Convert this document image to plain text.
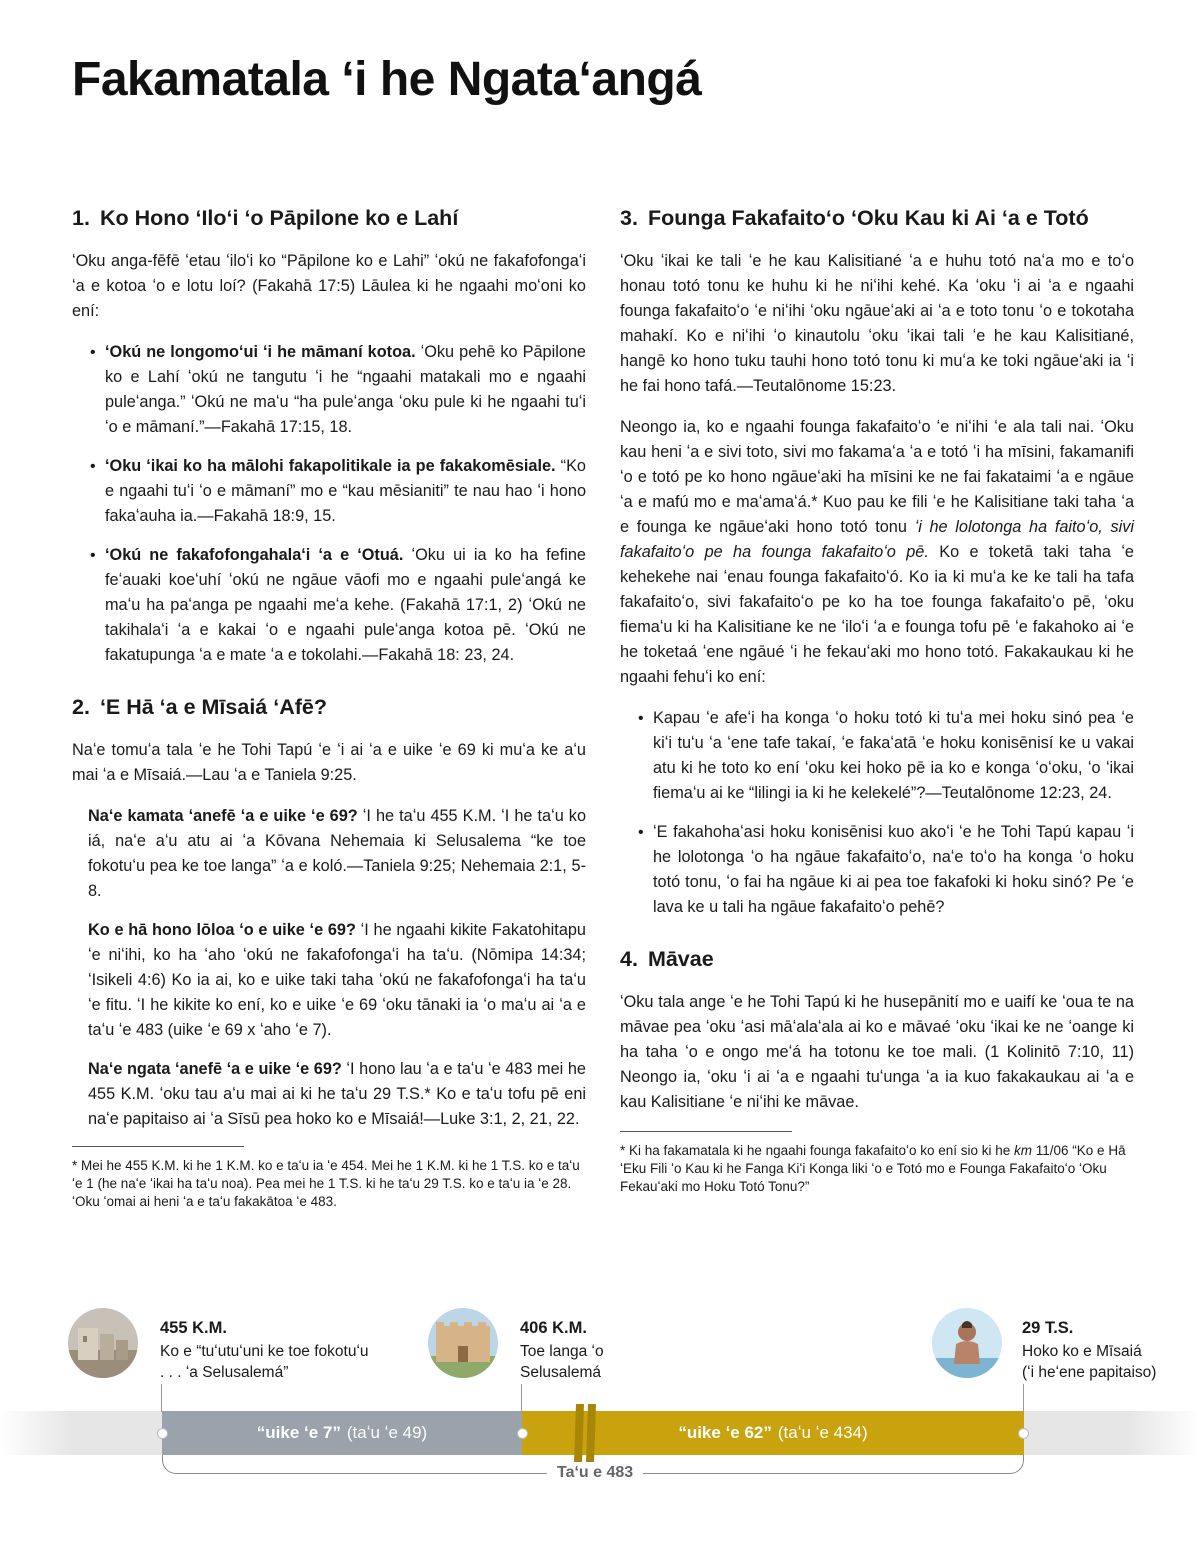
Fakamatala ʻi he Ngataʻangá
1. Ko Hono ʻIloʻi ʻo Pāpilone ko e Lahí

ʻOku anga-fēfē ʻetau ʻiloʻi ko “Pāpilone ko e Lahi” ʻokú ne fakafofongaʻi ʻa e kotoa ʻo e lotu loí? (Fakahā 17:5) Lāulea ki he ngaahi moʻoni ko ení:

• ʻOkú ne longomoʻui ʻi he māmaní kotoa. ʻOku pehē ko Pāpilone ko e Lahí ʻokú ne tangutu ʻi he “ngaahi matakali mo e ngaahi puleʻanga.” ʻOkú ne maʻu “ha puleʻanga ʻoku pule ki he ngaahi tuʻi ʻo e māmaní.”—Fakahā 17:15, 18.
• ʻOku ʻikai ko ha mālohi fakapolitikale ia pe fakakomēsiale. “Ko e ngaahi tuʻi ʻo e māmaní” mo e “kau mēsianiti” te nau hao ʻi hono fakaʻauha ia.—Fakahā 18:9, 15.
• ʻOkú ne fakafofongahalaʻi ʻa e ʻOtuá. ʻOku ui ia ko ha fefine feʻauaki koeʻuhí ʻokú ne ngāue vāofi mo e ngaahi puleʻangá ke maʻu ha paʻanga pe ngaahi meʻa kehe. (Fakahā 17:1, 2) ʻOkú ne takihalaʻi ʻa e kakai ʻo e ngaahi puleʻanga kotoa pē. ʻOkú ne fakatupunga ʻa e mate ʻa e tokolahi.—Fakahā 18: 23, 24.
2. ʻE Hā ʻa e Mīsaiá ʻAfē?

Naʻe tomuʻa tala ʻe he Tohi Tapú ʻe ʻi ai ʻa e uike ʻe 69 ki muʻa ke aʻu mai ʻa e Mīsaiá.—Lau ʻa e Taniela 9:25.

Naʻe kamata ʻanefē ʻa e uike ʻe 69? ʻI he taʻu 455 K.M. ʻI he taʻu ko iá, naʻe aʻu atu ai ʻa Kōvana Nehemaia ki Selusalema “ke toe fokotuʻu pea ke toe langa” ʻa e koló.—Taniela 9:25; Nehemaia 2:1, 5-8.
Ko e hā hono lōloa ʻo e uike ʻe 69? ʻI he ngaahi kikite Fakatohitapu ʻe niʻihi, ko ha ʻaho ʻokú ne fakafofongaʻi ha taʻu. (Nōmipa 14:34; ʻIsikeli 4:6) Ko ia ai, ko e uike taki taha ʻokú ne fakafofongaʻi ha taʻu ʻe fitu. ʻI he kikite ko ení, ko e uike ʻe 69 ʻoku tānaki ia ʻo maʻu ai ʻa e taʻu ʻe 483 (uike ʻe 69 x ʻaho ʻe 7).
Naʻe ngata ʻanefē ʻa e uike ʻe 69? ʻI hono lau ʻa e taʻu ʻe 483 mei he 455 K.M. ʻoku tau aʻu mai ai ki he taʻu 29 T.S.* Ko e taʻu tofu pē eni naʻe papitaiso ai ʻa Sīsū pea hoko ko e Mīsaiá!—Luke 3:1, 2, 21, 22.

* Mei he 455 K.M. ki he 1 K.M. ko e taʻu ia ʻe 454. Mei he 1 K.M. ki he 1 T.S. ko e taʻu ʻe 1 (he naʻe ʻikai ha taʻu noa). Pea mei he 1 T.S. ki he taʻu 29 T.S. ko e taʻu ia ʻe 28. ʻOku ʻomai ai heni ʻa e taʻu fakakātoa ʻe 483.

3. Founga Fakafaitoʻo ʻOku Kau ki Ai ʻa e Totó

ʻOku ʻikai ke tali ʻe he kau Kalisitiané ʻa e huhu totó naʻa mo e toʻo honau totó tonu ke huhu ki he niʻihi kehé. Ka ʻoku ʻi ai ʻa e ngaahi founga fakafaitoʻo ʻe niʻihi ʻoku ngāueʻaki ai ʻa e toto tonu ʻo e tokotaha mahakí. Ko e niʻihi ʻo kinautolu ʻoku ʻikai tali ʻe he kau Kalisitiané, hangē ko hono tuku tauhi hono totó tonu ki muʻa ke toki ngāueʻaki ia ʻi he fai hono tafá.—Teutalōnome 15:23.

Neongo ia, ko e ngaahi founga fakafaitoʻo ʻe niʻihi ʻe ala tali nai. ʻOku kau heni ʻa e sivi toto, sivi mo fakamaʻa ʻa e totó ʻi ha mīsini, fakamanifi ʻo e totó pe ko hono ngāueʻaki ha mīsini ke ne fai fakataimi ʻa e ngāue ʻa e mafú mo e maʻamaʻá.* Kuo pau ke fili ʻe he Kalisitiane taki taha ʻa e founga ke ngāueʻaki hono totó tonu ʻi he lolotonga ha faitoʻo, sivi fakafaitoʻo pe ha founga fakafaitoʻo pē. Ko e toketā taki taha ʻe kehekehe nai ʻenau founga fakafaitoʻó. Ko ia ki muʻa ke ke tali ha tafa fakafaitoʻo, sivi fakafaitoʻo pe ko ha toe founga fakafaitoʻo pē, ʻoku fiemaʻu ki ha Kalisitiane ke ne ʻiloʻi ʻa e founga tofu pē ʻe fakahoko ai ʻe he toketaá ʻene ngāué ʻi he fekauʻaki mo hono totó. Fakakaukau ki he ngaahi fehuʻi ko ení:

• Kapau ʻe afeʻi ha konga ʻo hoku totó ki tuʻa mei hoku sinó pea ʻe kiʻi tuʻu ʻa ʻene tafe takaí, ʻe fakaʻatā ʻe hoku konisēnisí ke u vakai atu ki he toto ko ení ʻoku kei hoko pē ia ko e konga ʻoʻoku, ʻo ʻikai fiemaʻu ai ke “lilingi ia ki he kelekelé”?—Teutalōnome 12:23, 24.
• ʻE fakahohaʻasi hoku konisēnisi kuo akoʻi ʻe he Tohi Tapú kapau ʻi he lolotonga ʻo ha ngāue fakafaitoʻo, naʻe toʻo ha konga ʻo hoku totó tonu, ʻo fai ha ngāue ki ai pea toe fakafoki ki hoku sinó? Pe ʻe lava ke u tali ha ngāue fakafaitoʻo pehē?
4. Māvae

ʻOku tala ange ʻe he Tohi Tapú ki he husepānití mo e uaifí ke ʻoua te na māvae pea ʻoku ʻasi māʻalaʻala ai ko e māvaé ʻoku ʻikai ke ne ʻoange ki ha taha ʻo e ongo meʻá ha totonu ke toe mali. (1 Kolinitō 7:10, 11) Neongo ia, ʻoku ʻi ai ʻa e ngaahi tuʻunga ʻa ia kuo fakakaukau ai ʻa e kau Kalisitiane ʻe niʻihi ke māvae.

* Ki ha fakamatala ki he ngaahi founga fakafaitoʻo ko ení sio ki he km 11/06 “Ko e Hā ʻEku Fili ʻo Kau ki he Fanga Kiʻi Konga liki ʻo e Totó mo e Founga Fakafaitoʻo ʻOku Fekauʻaki mo Hoku Totó Tonu?”

455 K.M.
Ko e “tuʻutuʻuni ke toe fokotuʻu
. . . ʻa Selusalemá”
406 K.M.
Toe langa ʻo
Selusalemá
29 T.S.
Hoko ko e Mīsaiá
(ʻi heʻene papitaiso)
“uike ʻe 7” (taʻu ʻe 49)	“uike ʻe 62” (taʻu ʻe 434)
Taʻu e 483
